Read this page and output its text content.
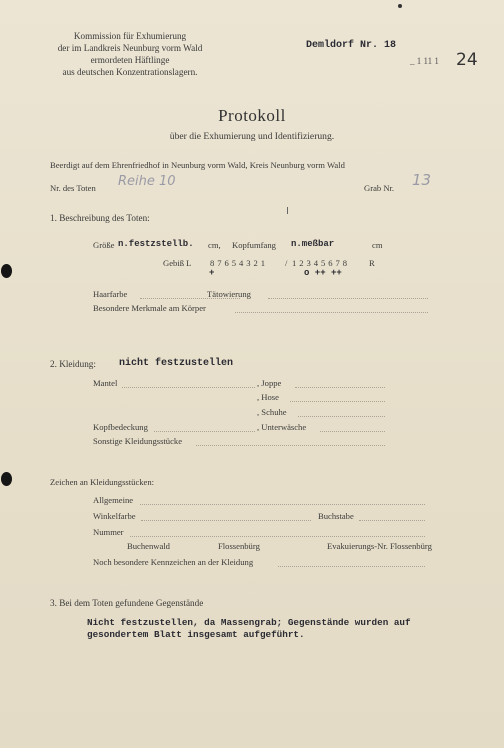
Kommission für Exhumierung
der im Landkreis Neunburg vorm Wald
ermordeten Häftlinge
aus deutschen Konzentrationslagern.
Demldorf Nr. 18
_ 1 11 1 24
Protokoll
über die Exhumierung und Identifizierung.
Beerdigt auf dem Ehrenfriedhof in Neunburg vorm Wald, Kreis Neunburg vorm Wald
Nr. des Toten Reihe 10	Grab Nr. 13
1. Beschreibung des Toten:
Größe n.festzstellb. cm, Kopfumfang n.meßbar	cm
Gebiß L 8 7 6 5 4 3 2 1 / 1 2 3 4 5 6 7 8	R
+	o ++ ++
Haarfarbe	Tätowierung
Besondere Merkmale am Körper
2. Kleidung: nicht festzustellen
Mantel	, Joppe
, Hose
, Schuhe
Kopfbedeckung	, Unterwäsche
Sonstige Kleidungsstücke
Zeichen an Kleidungsstücken:
Allgemeine
Winkelfarbe	Buchstabe
Nummer
Buchenwald	Flossenbürg	Evakuierungs-Nr. Flossenbürg
Noch besondere Kennzeichen an der Kleidung
3. Bei dem Toten gefundene Gegenstände
Nicht festzustellen, da Massengrab; Gegenstände wurden auf
gesondertem Blatt insgesamt aufgeführt.
